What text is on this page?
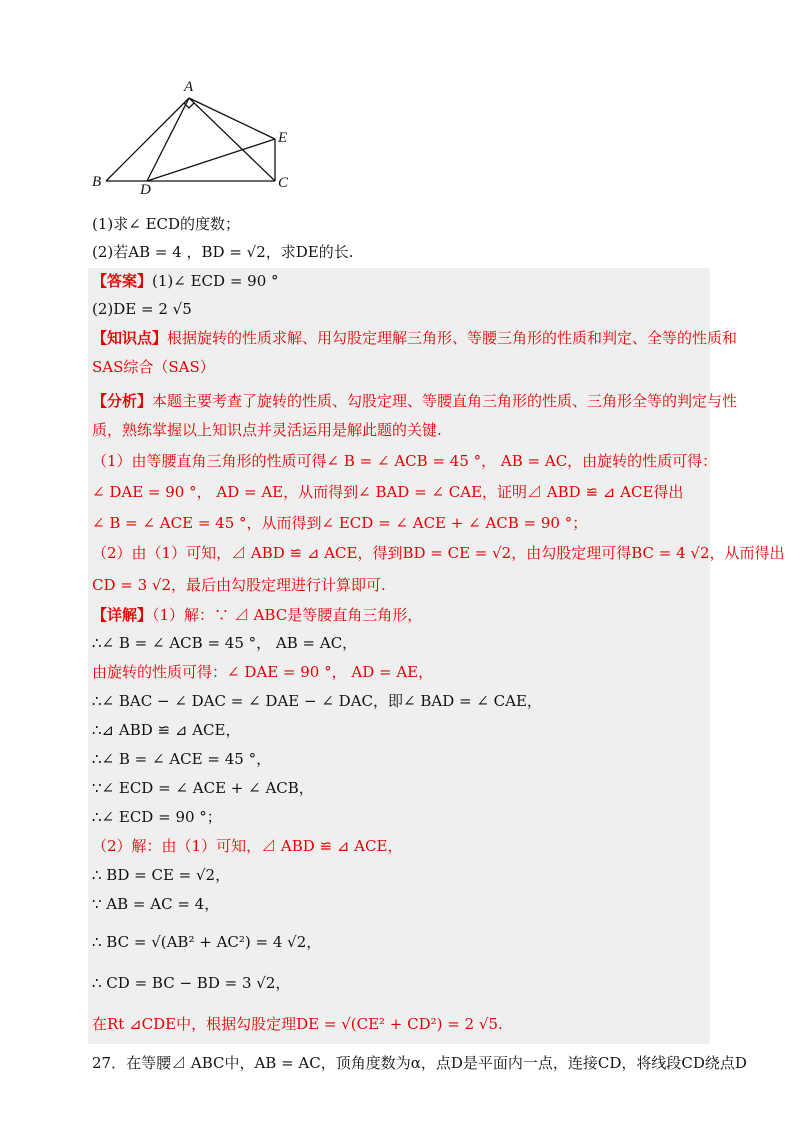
A
B	C
D
E
(1)求∠ ECD的度数；
(2)若AB = 4 ，BD = √2，求DE的长.
【答案】(1)∠ ECD = 90 °
(2)DE = 2 √5
【知识点】根据旋转的性质求解、用勾股定理解三角形、等腰三角形的性质和判定、全等的性质和
SAS综合（SAS）
【分析】本题主要考查了旋转的性质、勾股定理、等腰直角三角形的性质、三角形全等的判定与性
质，熟练掌握以上知识点并灵活运用是解此题的关键.
（1）由等腰直角三角形的性质可得∠ B = ∠ ACB = 45 °， AB = AC，由旋转的性质可得：
∠ DAE = 90 °， AD = AE，从而得到∠ BAD = ∠ CAE，证明⊿ ABD ≌ ⊿ ACE得出
∠ B = ∠ ACE = 45 °，从而得到∠ ECD = ∠ ACE + ∠ ACB = 90 °；
（2）由（1）可知，⊿ ABD ≌ ⊿ ACE，得到BD = CE = √2，由勾股定理可得BC = 4 √2，从而得出
CD = 3 √2，最后由勾股定理进行计算即可.
【详解】（1）解：∵ ⊿ ABC是等腰直角三角形，
∴∠ B = ∠ ACB = 45 °， AB = AC，
由旋转的性质可得：∠ DAE = 90 °， AD = AE，
∴∠ BAC − ∠ DAC = ∠ DAE − ∠ DAC，即∠ BAD = ∠ CAE，
∴⊿ ABD ≌ ⊿ ACE，
∴∠ B = ∠ ACE = 45 °，
∵∠ ECD = ∠ ACE + ∠ ACB，
∴∠ ECD = 90 °；
（2）解：由（1）可知，⊿ ABD ≌ ⊿ ACE，
∴ BD = CE = √2，
∵ AB = AC = 4，
∴ BC = √(AB² + AC²) = 4 √2，
∴ CD = BC − BD = 3 √2，
在Rt ⊿CDE中，根据勾股定理DE = √(CE² + CD²) = 2 √5.
27．在等腰⊿ ABC中，AB = AC，顶角度数为α，点D是平面内一点，连接CD，将线段CD绕点D
